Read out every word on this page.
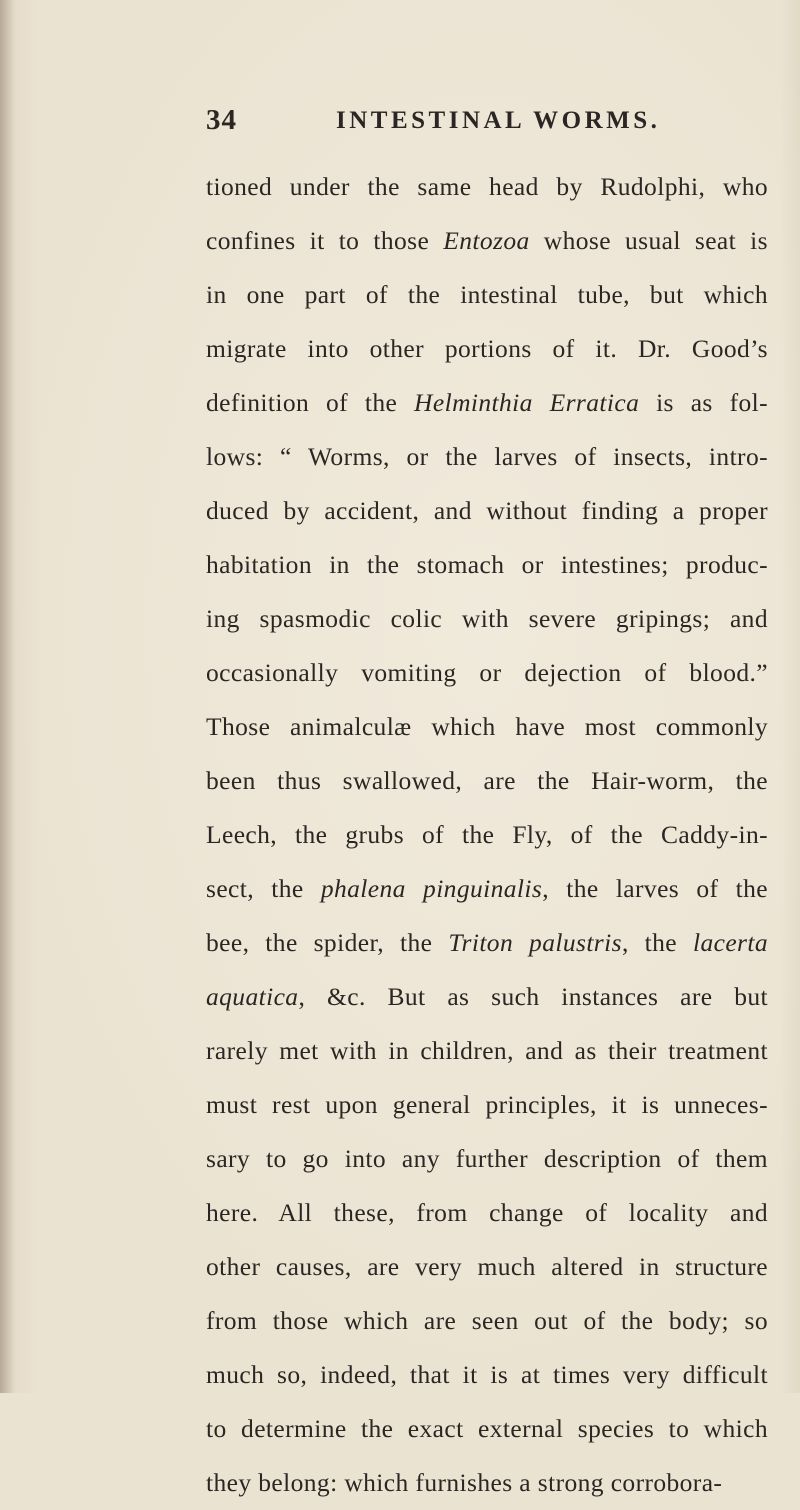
34	INTESTINAL WORMS.
tioned under the same head by Rudolphi, who
confines it to those Entozoa whose usual seat is
in one part of the intestinal tube, but which
migrate into other portions of it. Dr. Good’s
definition of the Helminthia Erratica is as fol-
lows: “ Worms, or the larves of insects, intro-
duced by accident, and without finding a proper
habitation in the stomach or intestines; produc-
ing spasmodic colic with severe gripings; and
occasionally vomiting or dejection of blood.”
Those animalculæ which have most commonly
been thus swallowed, are the Hair-worm, the
Leech, the grubs of the Fly, of the Caddy-in-
sect, the phalena pinguinalis, the larves of the
bee, the spider, the Triton palustris, the lacerta
aquatica, &c. But as such instances are but
rarely met with in children, and as their treatment
must rest upon general principles, it is unneces-
sary to go into any further description of them
here. All these, from change of locality and
other causes, are very much altered in structure
from those which are seen out of the body; so
much so, indeed, that it is at times very difficult
to determine the exact external species to which
they belong: which furnishes a strong corrobora-
